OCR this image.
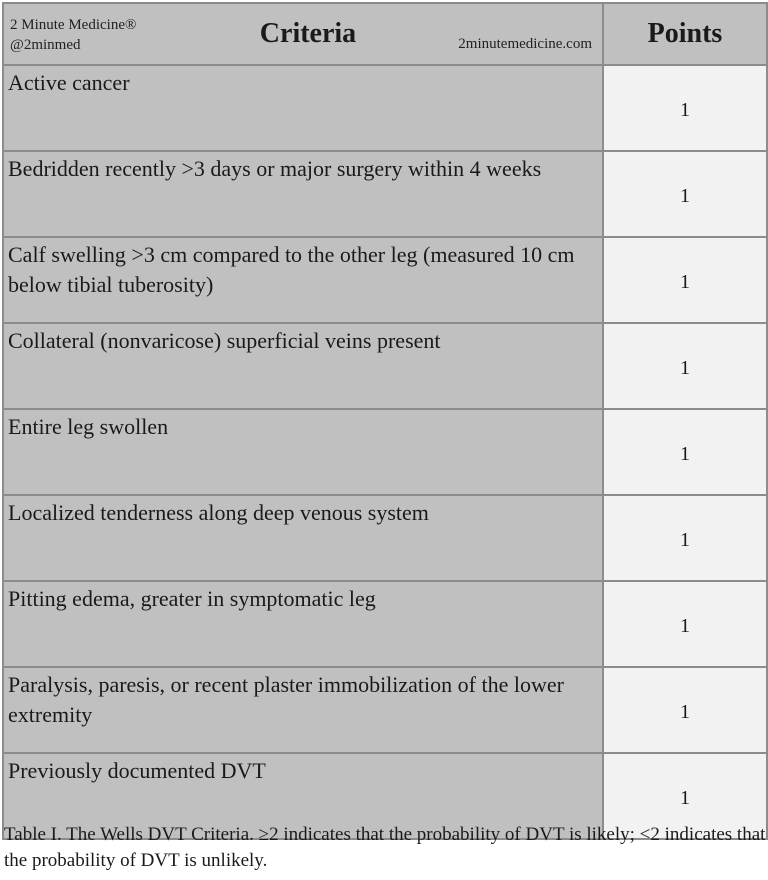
2 Minute Medicine®
@2minmed Criteria 2minutemedicine.com	Points
Active cancer	1
Bedridden recently >3 days or major surgery within 4 weeks	1
Calf swelling >3 cm compared to the other leg (measured 10 cm below tibial tuberosity)	1
Collateral (nonvaricose) superficial veins present	1
Entire leg swollen	1
Localized tenderness along deep venous system	1
Pitting edema, greater in symptomatic leg	1
Paralysis, paresis, or recent plaster immobilization of the lower extremity	1
Previously documented DVT	1
Table I. The Wells DVT Criteria. ≥2 indicates that the probability of DVT is likely; <2 indicates that the probability of DVT is unlikely.
